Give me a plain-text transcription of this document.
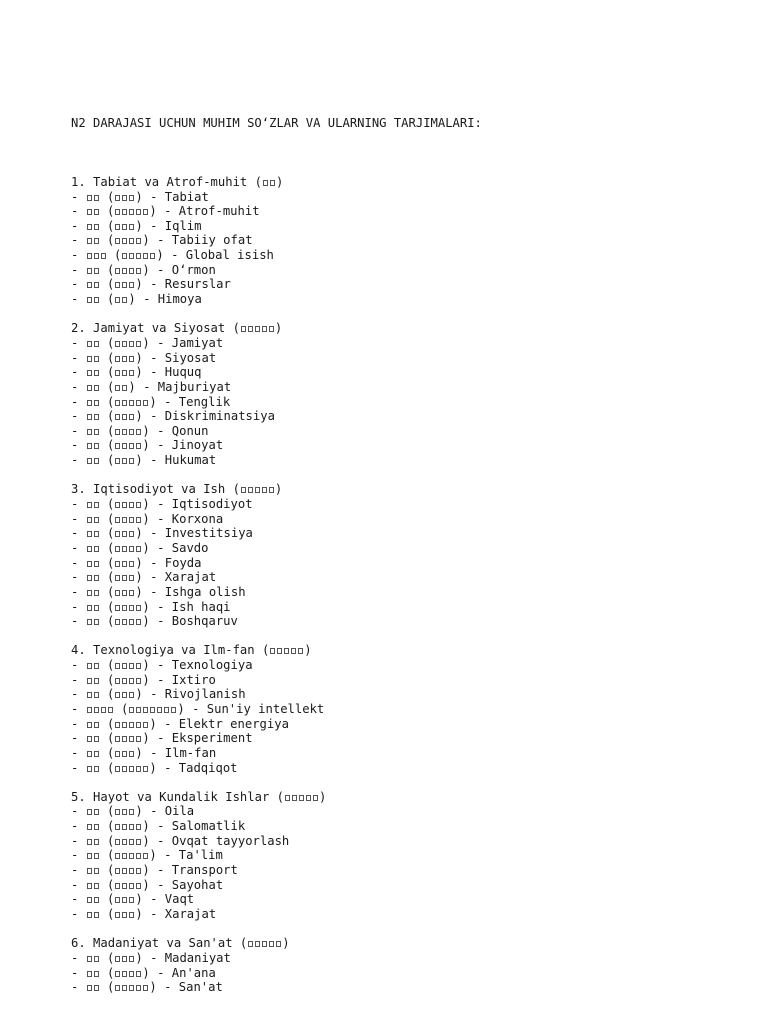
N2 DARAJASI UCHUN MUHIM SO‘ZLAR VA ULARNING TARJIMALARI:

1. Tabiat va Atrof-muhit ( )
- ( ) - Tabiat
- (	) - Atrof-muhit
- ( ) - Iqlim
- ( ) - Tabiiy ofat
-	(	) - Global isish
- ( ) - O‘rmon
- ( ) - Resurslar
- ( ) - Himoya
2. Jamiyat va Siyosat (	)
- ( ) - Jamiyat
- ( ) - Siyosat
- ( ) - Huquq
- ( ) - Majburiyat
- (	) - Tenglik
- ( ) - Diskriminatsiya
- ( ) - Qonun
- ( ) - Jinoyat
- ( ) - Hukumat
3. Iqtisodiyot va Ish (	)
- ( ) - Iqtisodiyot
- ( ) - Korxona
- ( ) - Investitsiya
- ( ) - Savdo
- ( ) - Foyda
- ( ) - Xarajat
- ( ) - Ishga olish
- ( ) - Ish haqi
- ( ) - Boshqaruv
4. Texnologiya va Ilm-fan (	)
- ( ) - Texnologiya
- ( ) - Ixtiro
- ( ) - Rivojlanish
-	(	) - Sun'iy intellekt
- (	) - Elektr energiya
- ( ) - Eksperiment
- ( ) - Ilm-fan
- (	) - Tadqiqot
5. Hayot va Kundalik Ishlar (	)
- ( ) - Oila
- ( ) - Salomatlik
- ( ) - Ovqat tayyorlash
- (	) - Ta'lim
- ( ) - Transport
- ( ) - Sayohat
- ( ) - Vaqt
- ( ) - Xarajat
6. Madaniyat va San'at (	)
- ( ) - Madaniyat
- ( ) - An'ana
- (	) - San'at
